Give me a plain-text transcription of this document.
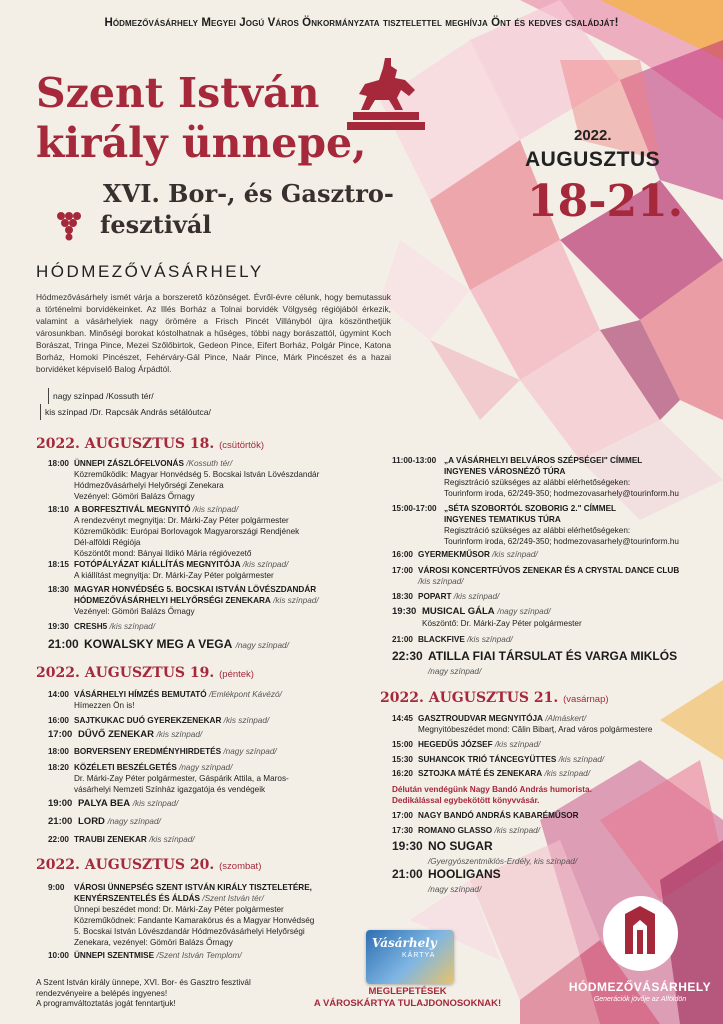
Hódmezővásárhely Megyei Jogú Város Önkormányzata tisztelettel meghívja Önt és kedves családját!
Szent István
király ünnepe,
XVI. Bor-, és Gasztro-
fesztivál
HÓDMEZŐVÁSÁRHELY
Hódmezővásárhely ismét várja a borszerető közönséget. Évről-évre célunk, hogy bemutassuk a történelmi borvidékeinket. Az Illés Borház a Tolnai borvidék Völgység régiójából érkezik, valamint a vásárhelyiek nagy örömére a Frisch Pincét Villányból újra köszönthetjük városunkban. Minőségi borokat kóstolhatnak a hűséges, többi nagy borászattól, úgymint Koch Borászat, Tringa Pince, Mezei Szőlőbirtok, Gedeon Pince, Eifert Borház, Polgár Pince, Katona Borház, Homoki Pincészet, Fehérváry-Gál Pince, Naár Pince, Márk Pincészet és a hazai borvidéket képviselő Balog Árpádtól.
2022.
AUGUSZTUS
18-21.
nagy színpad /Kossuth tér/
kis színpad /Dr. Rapcsák András sétálóutca/
2022. AUGUSZTUS 18. (csütörtök)
18:00 ÜNNEPI ZÁSZLÓFELVONÁS /Kossuth tér/
Közreműködik: Magyar Honvédség 5. Bocskai István Lövészdandár
Hódmezővásárhelyi Helyőrségi Zenekara
Vezényel: Gömöri Balázs Őrnagy
18:10 A BORFESZTIVÁL MEGNYITÓ /kis színpad/
A rendezvényt megnyitja: Dr. Márki-Zay Péter polgármester
Közreműködik: Európai Borlovagok Magyarországi Rendjének
Dél-alföldi Régiója
Köszöntőt mond: Bányai Ildikó Mária régióvezető
18:15 FOTÓPÁLYÁZAT KIÁLLÍTÁS MEGNYITÓJA /kis színpad/
A kiállítást megnyitja: Dr. Márki-Zay Péter polgármester
18:30 MAGYAR HONVÉDSÉG 5. BOCSKAI ISTVÁN LÖVÉSZDANDÁR
HÓDMEZŐVÁSÁRHELYI HELYŐRSÉGI ZENEKARA /kis színpad/
Vezényel: Gömöri Balázs Őrnagy
19:30 CRESH5 /kis színpad/
21:00 KOWALSKY MEG A VEGA /nagy színpad/
2022. AUGUSZTUS 19. (péntek)
14:00 VÁSÁRHELYI HÍMZÉS BEMUTATÓ /Emlékpont Kávézó/
Hímezzen Ön is!
16:00 SAJTKUKAC DUÓ GYEREKZENEKAR /kis színpad/
17:00 DŰVŐ ZENEKAR /kis színpad/
18:00 BORVERSENY EREDMÉNYHIRDETÉS /nagy színpad/
18:20 KÖZÉLETI BESZÉLGETÉS /nagy színpad/
Dr. Márki-Zay Péter polgármester, Gáspárik Attila, a Maros-
vásárhelyi Nemzeti Színház igazgatója és vendégeik
19:00 PALYA BEA /kis színpad/
21:00 LORD /nagy színpad/
22:00 TRAUBI ZENEKAR /kis színpad/
2022. AUGUSZTUS 20. (szombat)
9:00 VÁROSI ÜNNEPSÉG SZENT ISTVÁN KIRÁLY TISZTELETÉRE,
KENYÉRSZENTELÉS ÉS ÁLDÁS /Szent István tér/
Ünnepi beszédet mond: Dr. Márki-Zay Péter polgármester
Közreműködnek: Fandante Kamarakórus és a Magyar Honvédség
5. Bocskai István Lövészdandár Hódmezővásárhelyi Helyőrségi
Zenekara, vezényel: Gömöri Balázs Őrnagy
10:00 ÜNNEPI SZENTMISE /Szent István Templom/
11:00-13:00 „A VÁSÁRHELYI BELVÁROS SZÉPSÉGEI" CÍMMEL
INGYENES VÁROSNÉZŐ TÚRA
Regisztráció szükséges az alábbi elérhetőségeken:
Tourinform iroda, 62/249-350; hodmezovasarhely@tourinform.hu
15:00-17:00 „SÉTA SZOBORTÓL SZOBORIG 2." CÍMMEL
INGYENES TEMATIKUS TÚRA
Regisztráció szükséges az alábbi elérhetőségeken:
Tourinform iroda, 62/249-350; hodmezovasarhely@tourinform.hu
16:00 GYERMEKMŰSOR /kis színpad/
17:00 VÁROSI KONCERTFÚVOS ZENEKAR ÉS A CRYSTAL DANCE CLUB
/kis színpad/
18:30 POPART /kis színpad/
19:30 MUSICAL GÁLA /nagy színpad/
Köszöntő: Dr. Márki-Zay Péter polgármester
21:00 BLACKFIVE /kis színpad/
22:30 ATILLA FIAI TÁRSULAT ÉS VARGA MIKLÓS
/nagy színpad/
2022. AUGUSZTUS 21. (vasárnap)
14:45 GASZTROUDVAR MEGNYITÓJA /Almáskert/
Megnyitóbeszédet mond: Călin Bibarț, Arad város polgármestere
15:00 HEGEDŰS JÓZSEF /kis színpad/
15:30 SUHANCOK TRIÓ TÁNCEGYÜTTES /kis színpad/
16:20 SZTOJKA MÁTÉ ÉS ZENEKARA /kis színpad/
Délután vendégünk Nagy Bandó András humorista.
Dedikálással egybekötött könyvvásár.
17:00 NAGY BANDÓ ANDRÁS KABARÉMŰSOR
17:30 ROMANO GLASSO /kis színpad/
19:30 NO SUGAR
/Gyergyószentmiklós-Erdély, kis színpad/
21:00 HOOLIGANS
/nagy színpad/
A Szent István király ünnepe, XVI. Bor- és Gasztro fesztivál
rendezvényeire a belépés ingyenes!
A programváltoztatás jogát fenntartjuk!
Vásárhely
KÁRTYA
MEGLEPETÉSEK
A VÁROSKÁRTYA TULAJDONOSOKNAK!
HÓDMEZŐVÁSÁRHELY
Generációk jövője az Alföldön
